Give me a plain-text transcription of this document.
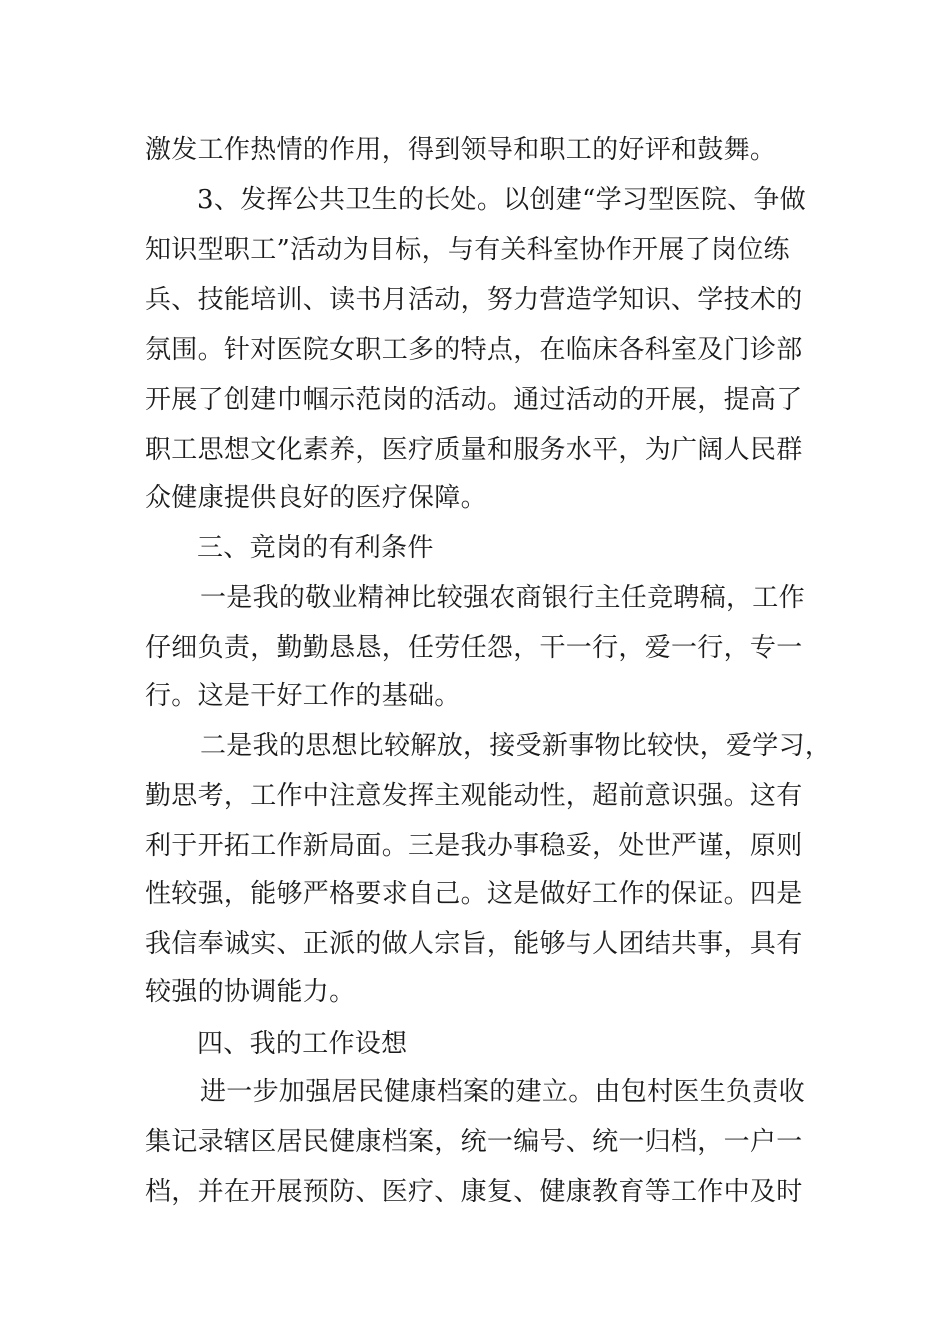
激发工作热情的作用，得到领导和职工的好评和鼓舞。
3、发挥公共卫生的长处。以创建“学习型医院、争做
知识型职工”活动为目标，与有关科室协作开展了岗位练
兵、技能培训、读书月活动，努力营造学知识、学技术的
氛围。针对医院女职工多的特点，在临床各科室及门诊部
开展了创建巾帼示范岗的活动。通过活动的开展，提高了
职工思想文化素养，医疗质量和服务水平，为广阔人民群
众健康提供良好的医疗保障。
三、竞岗的有利条件
一是我的敬业精神比较强农商银行主任竞聘稿，工作
仔细负责，勤勤恳恳，任劳任怨，干一行，爱一行，专一
行。这是干好工作的基础。
二是我的思想比较解放，接受新事物比较快，爱学习，
勤思考，工作中注意发挥主观能动性，超前意识强。这有
利于开拓工作新局面。三是我办事稳妥，处世严谨，原则
性较强，能够严格要求自己。这是做好工作的保证。四是
我信奉诚实、正派的做人宗旨，能够与人团结共事，具有
较强的协调能力。
四、我的工作设想
进一步加强居民健康档案的建立。由包村医生负责收
集记录辖区居民健康档案，统一编号、统一归档，一户一
档，并在开展预防、医疗、康复、健康教育等工作中及时
